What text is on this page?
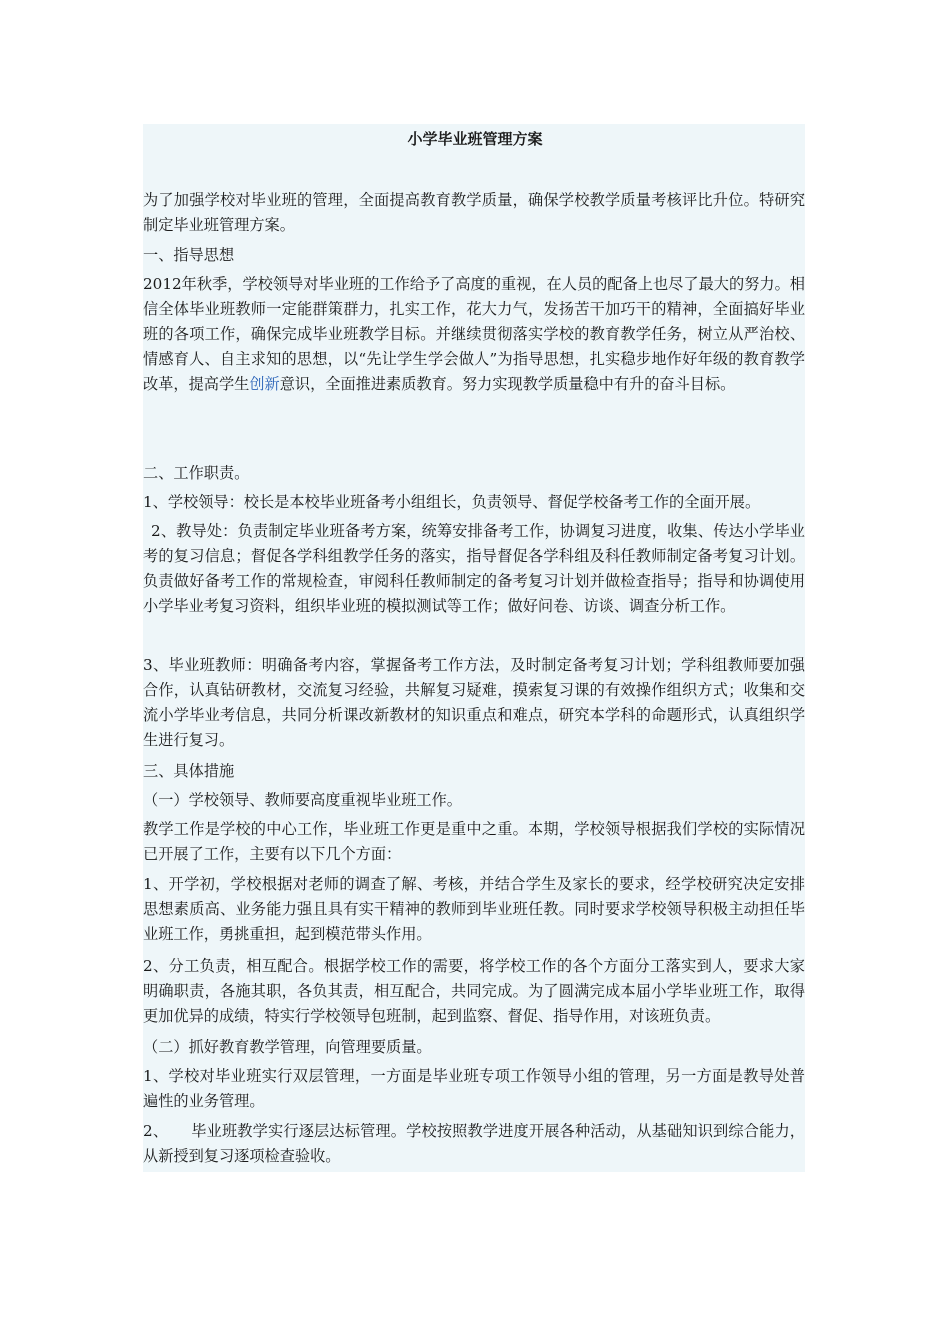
小学毕业班管理方案

为了加强学校对毕业班的管理，全面提高教育教学质量，确保学校教学质量考核评比升位。特研究制定毕业班管理方案。

一、指导思想

2012年秋季，学校领导对毕业班的工作给予了高度的重视，在人员的配备上也尽了最大的努力。相信全体毕业班教师一定能群策群力，扎实工作，花大力气，发扬苦干加巧干的精神，全面搞好毕业班的各项工作，确保完成毕业班教学目标。并继续贯彻落实学校的教育教学任务，树立从严治校、情感育人、自主求知的思想，以“先让学生学会做人”为指导思想，扎实稳步地作好年级的教育教学改革，提高学生创新意识，全面推进素质教育。努力实现教学质量稳中有升的奋斗目标。

二、工作职责。

1、学校领导：校长是本校毕业班备考小组组长，负责领导、督促学校备考工作的全面开展。

2、教导处：负责制定毕业班备考方案，统筹安排备考工作，协调复习进度，收集、传达小学毕业考的复习信息；督促各学科组教学任务的落实，指导督促各学科组及科任教师制定备考复习计划。负责做好备考工作的常规检查，审阅科任教师制定的备考复习计划并做检查指导；指导和协调使用小学毕业考复习资料，组织毕业班的模拟测试等工作；做好问卷、访谈、调查分析工作。

3、毕业班教师：明确备考内容，掌握备考工作方法，及时制定备考复习计划；学科组教师要加强合作，认真钻研教材，交流复习经验，共解复习疑难，摸索复习课的有效操作组织方式；收集和交流小学毕业考信息，共同分析课改新教材的知识重点和难点，研究本学科的命题形式，认真组织学生进行复习。

三、具体措施

（一）学校领导、教师要高度重视毕业班工作。

教学工作是学校的中心工作，毕业班工作更是重中之重。本期，学校领导根据我们学校的实际情况已开展了工作，主要有以下几个方面：

1、开学初，学校根据对老师的调查了解、考核，并结合学生及家长的要求，经学校研究决定安排思想素质高、业务能力强且具有实干精神的教师到毕业班任教。同时要求学校领导积极主动担任毕业班工作，勇挑重担，起到模范带头作用。

2、分工负责，相互配合。根据学校工作的需要，将学校工作的各个方面分工落实到人，要求大家明确职责，各施其职，各负其责，相互配合，共同完成。为了圆满完成本届小学毕业班工作，取得更加优异的成绩，特实行学校领导包班制，起到监察、督促、指导作用，对该班负责。

（二）抓好教育教学管理，向管理要质量。

1、学校对毕业班实行双层管理，一方面是毕业班专项工作领导小组的管理，另一方面是教导处普遍性的业务管理。

2、　　毕业班教学实行逐层达标管理。学校按照教学进度开展各种活动，从基础知识到综合能力，从新授到复习逐项检查验收。
